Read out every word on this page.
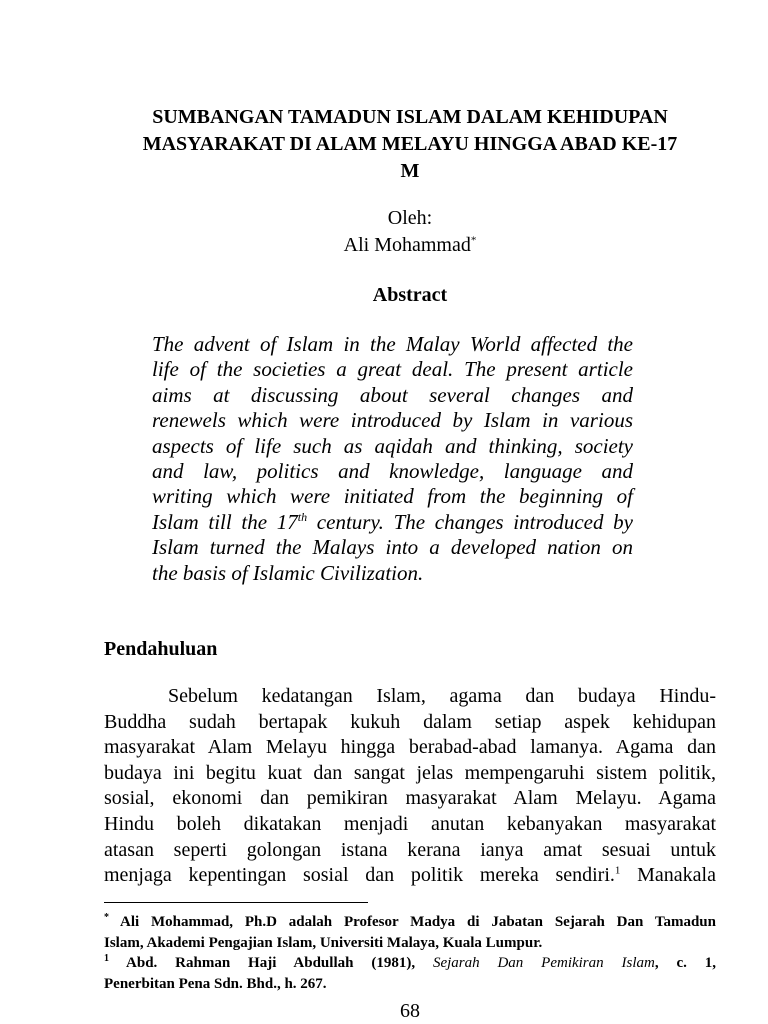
SUMBANGAN TAMADUN ISLAM DALAM KEHIDUPAN
MASYARAKAT DI ALAM MELAYU HINGGA ABAD KE-17
M
Oleh:
Ali Mohammad*
Abstract
The advent of Islam in the Malay World affected the
life of the societies a great deal. The present article
aims at discussing about several changes and
renewels which were introduced by Islam in various
aspects of life such as aqidah and thinking, society
and law, politics and knowledge, language and
writing which were initiated from the beginning of
Islam till the 17th century. The changes introduced by
Islam turned the Malays into a developed nation on
the basis of Islamic Civilization.
Pendahuluan
Sebelum kedatangan Islam, agama dan budaya Hindu-
Buddha sudah bertapak kukuh dalam setiap aspek kehidupan
masyarakat Alam Melayu hingga berabad-abad lamanya. Agama dan
budaya ini begitu kuat dan sangat jelas mempengaruhi sistem politik,
sosial, ekonomi dan pemikiran masyarakat Alam Melayu. Agama
Hindu boleh dikatakan menjadi anutan kebanyakan masyarakat
atasan seperti golongan istana kerana ianya amat sesuai untuk
menjaga kepentingan sosial dan politik mereka sendiri.$^1$ Manakala
* Ali Mohammad, Ph.D adalah Profesor Madya di Jabatan Sejarah Dan Tamadun
Islam, Akademi Pengajian Islam, Universiti Malaya, Kuala Lumpur.
$^1$ Abd. Rahman Haji Abdullah (1981), Sejarah Dan Pemikiran Islam, c. 1,
Penerbitan Pena Sdn. Bhd., h. 267.
68
